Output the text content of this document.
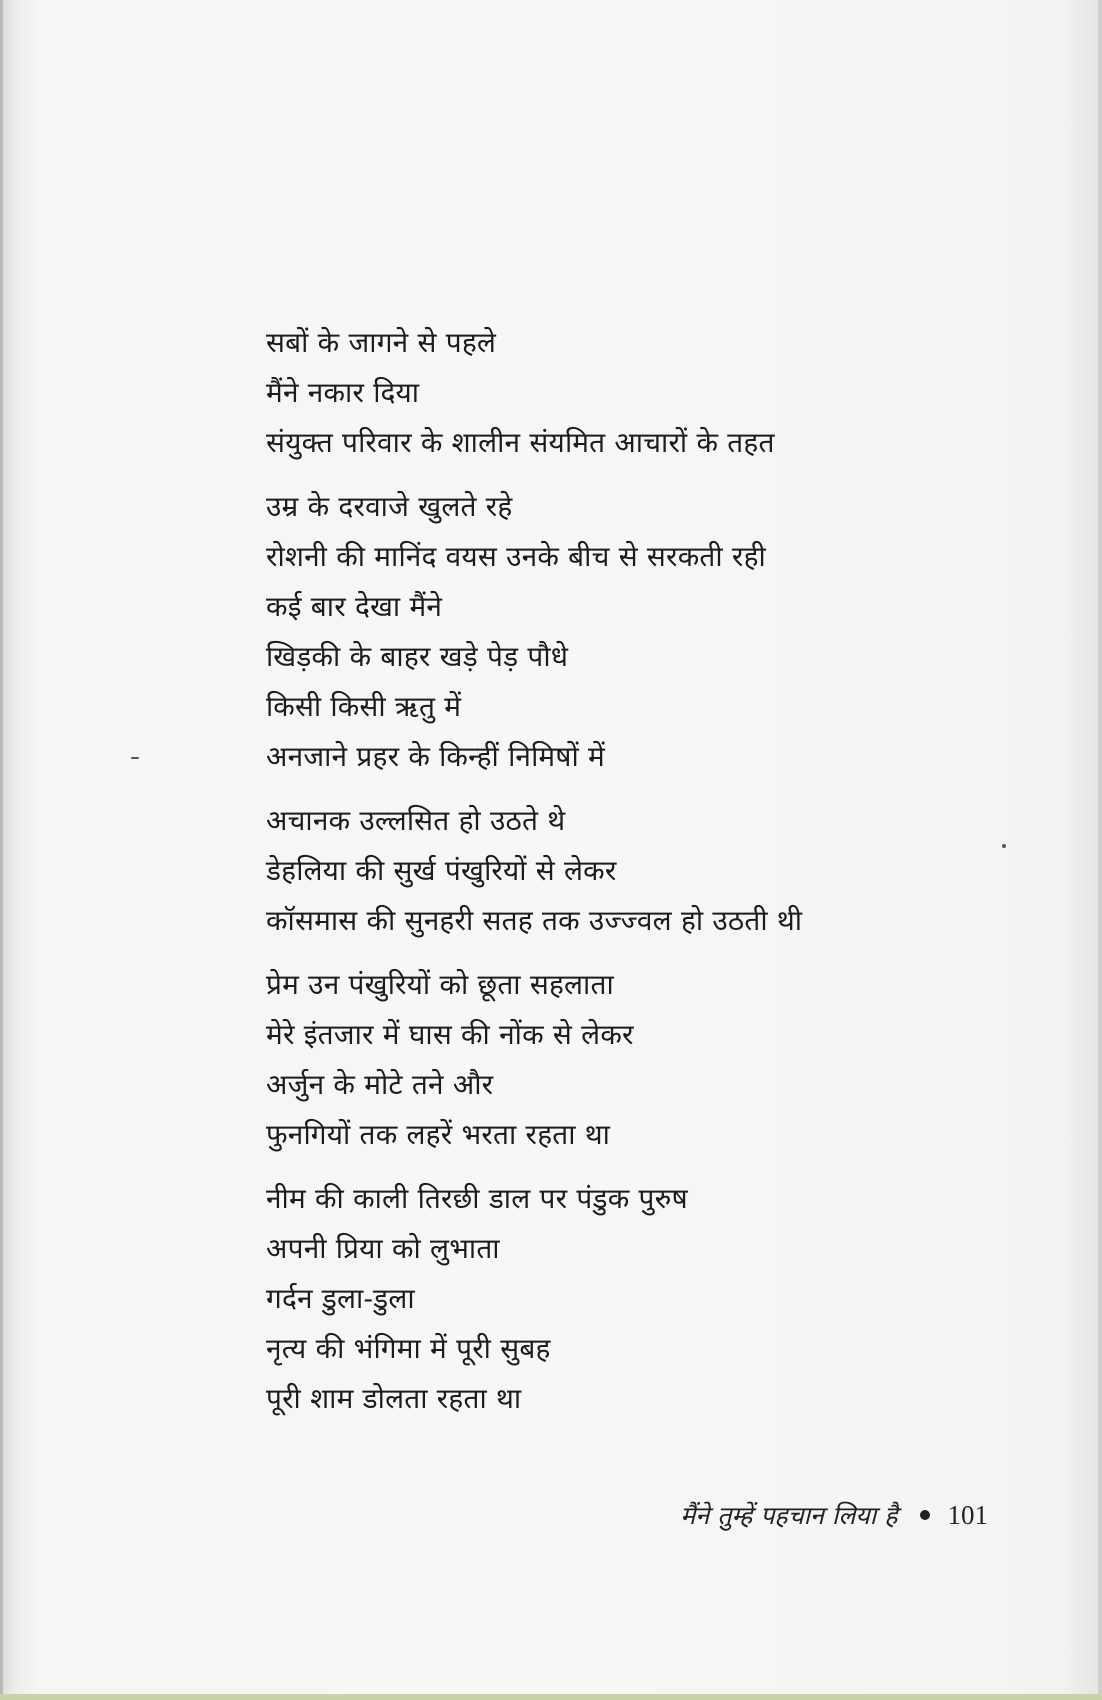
सबों के जागने से पहले
मैंने नकार दिया
संयुक्त परिवार के शालीन संयमित आचारों के तहत
उम्र के दरवाजे खुलते रहे
रोशनी की मानिंद वयस उनके बीच से सरकती रही
कई बार देखा मैंने
खिड़की के बाहर खड़े पेड़ पौधे
किसी किसी ऋतु में
अनजाने प्रहर के किन्हीं निमिषों में
अचानक उल्लसित हो उठते थे
डेहलिया की सुर्ख पंखुरियों से लेकर
कॉसमास की सुनहरी सतह तक उज्ज्वल हो उठती थी
प्रेम उन पंखुरियों को छूता सहलाता
मेरे इंतजार में घास की नोंक से लेकर
अर्जुन के मोटे तने और
फुनगियों तक लहरें भरता रहता था
नीम की काली तिरछी डाल पर पंडुक पुरुष
अपनी प्रिया को लुभाता
गर्दन डुला-डुला
नृत्य की भंगिमा में पूरी सुबह
पूरी शाम डोलता रहता था
मैंने तुम्हें पहचान लिया है 101
